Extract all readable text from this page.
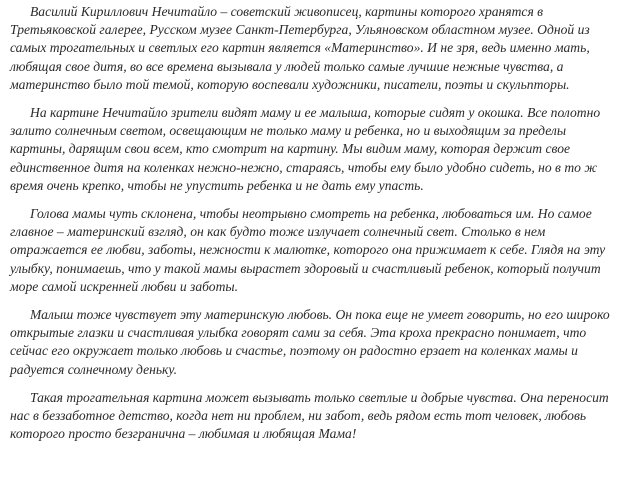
Василий Кириллович Нечитайло – советский живописец, картины которого хранятся в Третьяковской галерее, Русском музее Санкт-Петербурга, Ульяновском областном музее. Одной из самых трогательных и светлых его картин является «Материнство». И не зря, ведь именно мать, любящая свое дитя, во все времена вызывала у людей только самые лучшие нежные чувства, а материнство было той темой, которую воспевали художники, писатели, поэты и скульпторы.

На картине Нечитайло зрители видят маму и ее малыша, которые сидят у окошка. Все полотно залито солнечным светом, освещающим не только маму и ребенка, но и выходящим за пределы картины, дарящим свои всем, кто смотрит на картину. Мы видим маму, которая держит свое единственное дитя на коленках нежно-нежно, стараясь, чтобы ему было удобно сидеть, но в то ж время очень крепко, чтобы не упустить ребенка и не дать ему упасть.

Голова мамы чуть склонена, чтобы неотрывно смотреть на ребенка, любоваться им. Но самое главное – материнский взгляд, он как будто тоже излучает солнечный свет. Столько в нем отражается ее любви, заботы, нежности к малютке, которого она прижимает к себе. Глядя на эту улыбку, понимаешь, что у такой мамы вырастет здоровый и счастливый ребенок, который получит море самой искренней любви и заботы.

Малыш тоже чувствует эту материнскую любовь. Он пока еще не умеет говорить, но его широко открытые глазки и счастливая улыбка говорят сами за себя. Эта кроха прекрасно понимает, что сейчас его окружает только любовь и счастье, поэтому он радостно ерзает на коленках мамы и радуется солнечному деньку.

Такая трогательная картина может вызывать только светлые и добрые чувства. Она переносит нас в беззаботное детство, когда нет ни проблем, ни забот, ведь рядом есть тот человек, любовь которого просто безгранична – любимая и любящая Мама!
